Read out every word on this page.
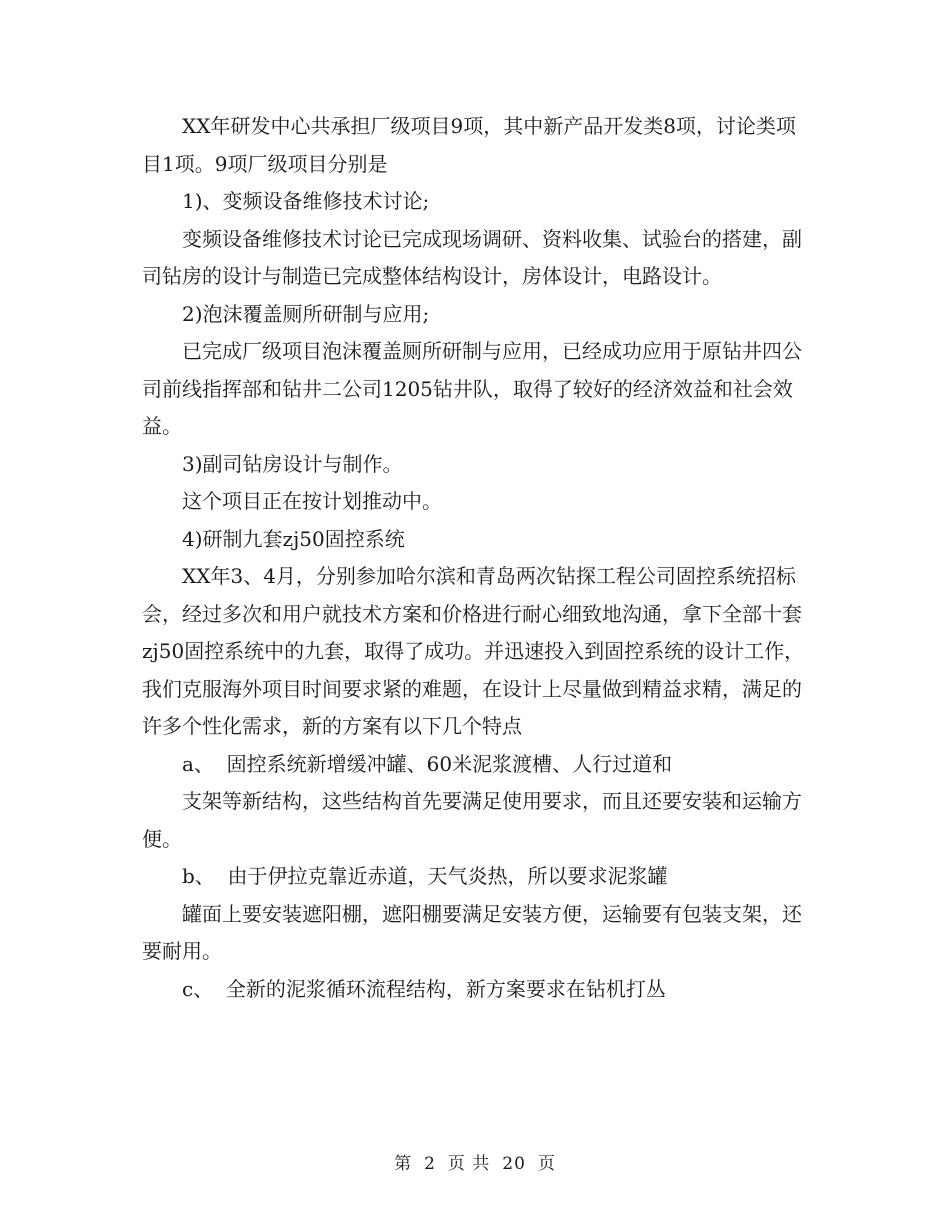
XX年研发中心共承担厂级项目9项，其中新产品开发类8项，讨论类项目1项。9项厂级项目分别是

1)、变频设备维修技术讨论;

变频设备维修技术讨论已完成现场调研、资料收集、试验台的搭建，副司钻房的设计与制造已完成整体结构设计，房体设计，电路设计。

2)泡沫覆盖厕所研制与应用;

已完成厂级项目泡沫覆盖厕所研制与应用，已经成功应用于原钻井四公司前线指挥部和钻井二公司1205钻井队，取得了较好的经济效益和社会效益。

3)副司钻房设计与制作。

这个项目正在按计划推动中。

4)研制九套zj50固控系统

XX年3、4月，分别参加哈尔滨和青岛两次钻探工程公司固控系统招标会，经过多次和用户就技术方案和价格进行耐心细致地沟通，拿下全部十套zj50固控系统中的九套，取得了成功。并迅速投入到固控系统的设计工作，我们克服海外项目时间要求紧的难题，在设计上尽量做到精益求精，满足的许多个性化需求，新的方案有以下几个特点

a、 固控系统新增缓冲罐、60米泥浆渡槽、人行过道和

支架等新结构，这些结构首先要满足使用要求，而且还要安装和运输方便。

b、 由于伊拉克靠近赤道，天气炎热，所以要求泥浆罐

罐面上要安装遮阳棚，遮阳棚要满足安装方便，运输要有包装支架，还要耐用。

c、 全新的泥浆循环流程结构，新方案要求在钻机打丛

第 2 页 共 20 页
